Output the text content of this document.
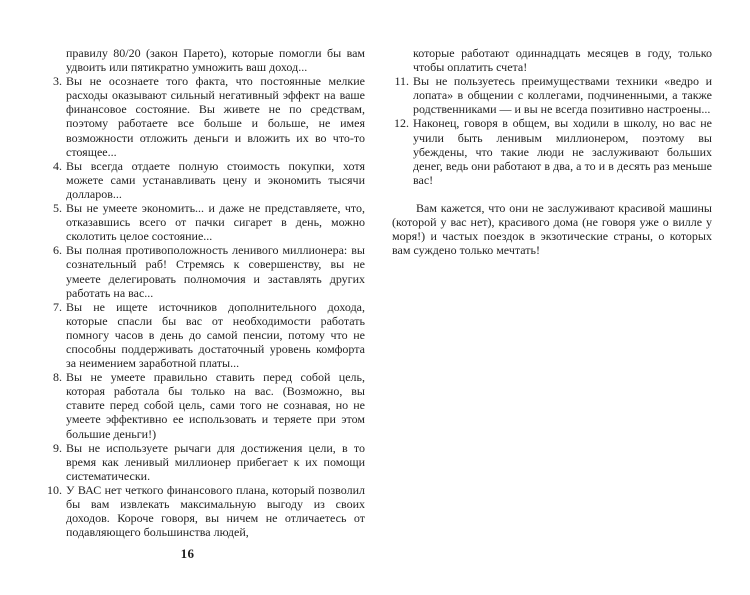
правилу 80/20 (закон Парето), которые помогли бы вам удвоить или пятикратно умножить ваш доход...

3. Вы не осознаете того факта, что постоянные мелкие расходы оказывают сильный негативный эффект на ваше финансовое состояние. Вы живете не по средствам, поэтому работаете все больше и больше, не имея возможности отложить деньги и вложить их во что-то стоящее...
4. Вы всегда отдаете полную стоимость покупки, хотя можете сами устанавливать цену и экономить тысячи долларов...
5. Вы не умеете экономить... и даже не представляете, что, отказавшись всего от пачки сигарет в день, можно сколотить целое состояние...
6. Вы полная противоположность ленивого миллионера: вы сознательный раб! Стремясь к совершенству, вы не умеете делегировать полномочия и заставлять других работать на вас...
7. Вы не ищете источников дополнительного дохода, которые спасли бы вас от необходимости работать помногу часов в день до самой пенсии, потому что не способны поддерживать достаточный уровень комфорта за неимением заработной платы...
8. Вы не умеете правильно ставить перед собой цель, которая работала бы только на вас. (Возможно, вы ставите перед собой цель, сами того не сознавая, но не умеете эффективно ее использовать и теряете при этом большие деньги!)
9. Вы не используете рычаги для достижения цели, в то время как ленивый миллионер прибегает к их помощи систематически.
10. У ВАС нет четкого финансового плана, который позволил бы вам извлекать максимальную выгоду из своих доходов. Короче говоря, вы ничем не отличаетесь от подавляющего большинства людей,

которые работают одиннадцать месяцев в году, только чтобы оплатить счета!

11. Вы не пользуетесь преимуществами техники «ведро и лопата» в общении с коллегами, подчиненными, а также родственниками — и вы не всегда позитивно настроены...
12. Наконец, говоря в общем, вы ходили в школу, но вас не учили быть ленивым миллионером, поэтому вы убеждены, что такие люди не заслуживают больших денег, ведь они работают в два, а то и в десять раз меньше вас!

Вам кажется, что они не заслуживают красивой машины (которой у вас нет), красивого дома (не говоря уже о вилле у моря!) и частых поездок в экзотические страны, о которых вам суждено только мечтать!

16
